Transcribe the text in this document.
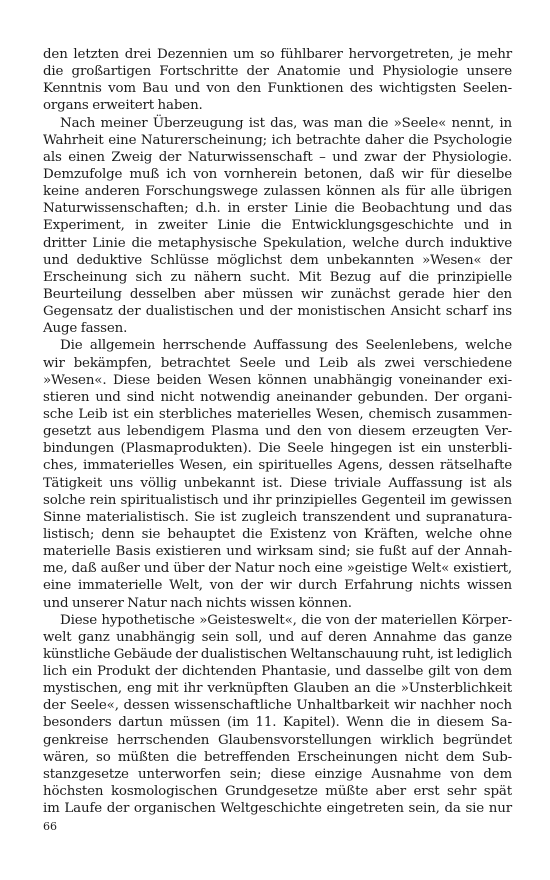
den letzten drei Dezennien um so fühlbarer hervorgetreten, je mehr
die großartigen Fortschritte der Anatomie und Physiologie unsere
Kenntnis vom Bau und von den Funktionen des wichtigsten Seelen-
organs erweitert haben.
Nach meiner Überzeugung ist das, was man die »Seele« nennt, in
Wahrheit eine Naturerscheinung; ich betrachte daher die Psychologie
als einen Zweig der Naturwissenschaft – und zwar der Physiologie.
Demzufolge muß ich von vornherein betonen, daß wir für dieselbe
keine anderen Forschungswege zulassen können als für alle übrigen
Naturwissenschaften; d.h. in erster Linie die Beobachtung und das
Experiment, in zweiter Linie die Entwicklungsgeschichte und in
dritter Linie die metaphysische Spekulation, welche durch induktive
und deduktive Schlüsse möglichst dem unbekannten »Wesen« der
Erscheinung sich zu nähern sucht. Mit Bezug auf die prinzipielle
Beurteilung desselben aber müssen wir zunächst gerade hier den
Gegensatz der dualistischen und der monistischen Ansicht scharf ins
Auge fassen.
Die allgemein herrschende Auffassung des Seelenlebens, welche
wir bekämpfen, betrachtet Seele und Leib als zwei verschiedene
»Wesen«. Diese beiden Wesen können unabhängig voneinander exi-
stieren und sind nicht notwendig aneinander gebunden. Der organi-
sche Leib ist ein sterbliches materielles Wesen, chemisch zusammen-
gesetzt aus lebendigem Plasma und den von diesem erzeugten Ver-
bindungen (Plasmaprodukten). Die Seele hingegen ist ein unsterbli-
ches, immaterielles Wesen, ein spirituelles Agens, dessen rätselhafte
Tätigkeit uns völlig unbekannt ist. Diese triviale Auffassung ist als
solche rein spiritualistisch und ihr prinzipielles Gegenteil im gewissen
Sinne materialistisch. Sie ist zugleich transzendent und supranatura-
listisch; denn sie behauptet die Existenz von Kräften, welche ohne
materielle Basis existieren und wirksam sind; sie fußt auf der Annah-
me, daß außer und über der Natur noch eine »geistige Welt« existiert,
eine immaterielle Welt, von der wir durch Erfahrung nichts wissen
und unserer Natur nach nichts wissen können.
Diese hypothetische »Geisteswelt«, die von der materiellen Körper-
welt ganz unabhängig sein soll, und auf deren Annahme das ganze
künstliche Gebäude der dualistischen Weltanschauung ruht, ist lediglich
lich ein Produkt der dichtenden Phantasie, und dasselbe gilt von dem
mystischen, eng mit ihr verknüpften Glauben an die »Unsterblichkeit
der Seele«, dessen wissenschaftliche Unhaltbarkeit wir nachher noch
besonders dartun müssen (im 11. Kapitel). Wenn die in diesem Sa-
genkreise herrschenden Glaubensvorstellungen wirklich begründet
wären, so müßten die betreffenden Erscheinungen nicht dem Sub-
stanzgesetze unterworfen sein; diese einzige Ausnahme von dem
höchsten kosmologischen Grundgesetze müßte aber erst sehr spät
im Laufe der organischen Weltgeschichte eingetreten sein, da sie nur
66
